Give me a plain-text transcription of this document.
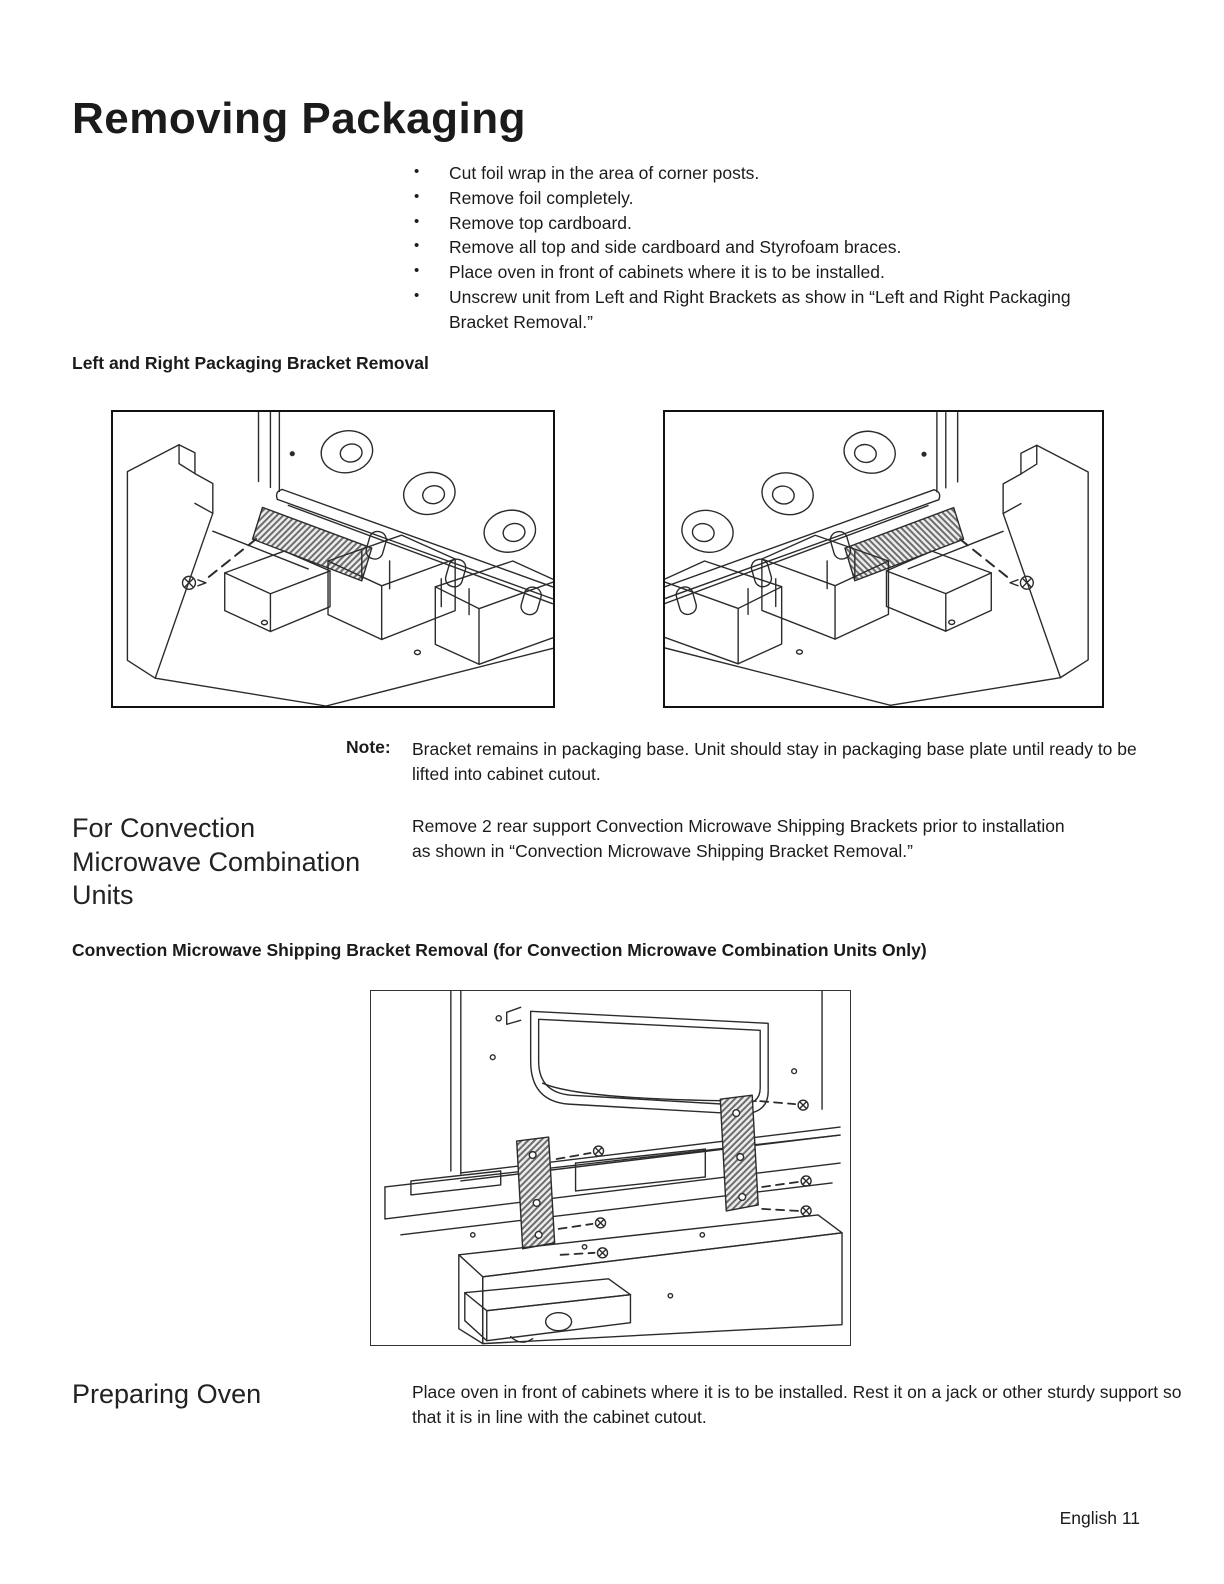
Removing Packaging
• Cut foil wrap in the area of corner posts.
• Remove foil completely.
• Remove top cardboard.
• Remove all top and side cardboard and Styrofoam braces.
• Place oven in front of cabinets where it is to be installed.
• Unscrew unit from Left and Right Brackets as show in “Left and Right Packaging Bracket Removal.”
Left and Right Packaging Bracket Removal
Note: Bracket remains in packaging base. Unit should stay in packaging base plate until ready to be lifted into cabinet cutout.
For Convection Microwave Combination Units
Remove 2 rear support Convection Microwave Shipping Brackets prior to installation as shown in “Convection Microwave Shipping Bracket Removal.”
Convection Microwave Shipping Bracket Removal (for Convection Microwave Combination Units Only)
Preparing Oven	Place oven in front of cabinets where it is to be installed. Rest it on a jack or other sturdy support so that it is in line with the cabinet cutout.
English 11
